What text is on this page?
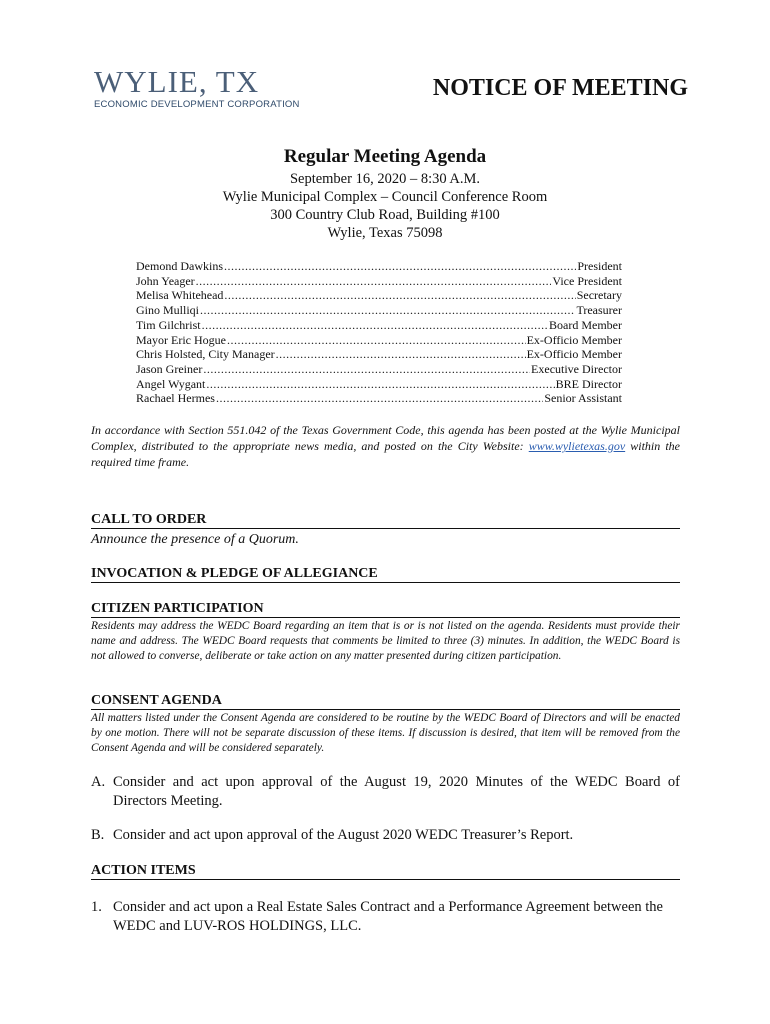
WYLIE, TX
ECONOMIC DEVELOPMENT CORPORATION
NOTICE OF MEETING
Regular Meeting Agenda
September 16, 2020 – 8:30 A.M.
Wylie Municipal Complex – Council Conference Room
300 Country Club Road, Building #100
Wylie, Texas 75098
Demond Dawkins .....	President
John Yeager .....	Vice President
Melisa Whitehead .....	Secretary
Gino Mulliqi .....	Treasurer
Tim Gilchrist .....	Board Member
Mayor Eric Hogue .....	Ex-Officio Member
Chris Holsted, City Manager .....	Ex-Officio Member
Jason Greiner .....	Executive Director
Angel Wygant .....	BRE Director
Rachael Hermes .....	Senior Assistant
In accordance with Section 551.042 of the Texas Government Code, this agenda has been posted at the Wylie Municipal Complex, distributed to the appropriate news media, and posted on the City Website: www.wylietexas.gov within the required time frame.
CALL TO ORDER
Announce the presence of a Quorum.
INVOCATION & PLEDGE OF ALLEGIANCE
CITIZEN PARTICIPATION
Residents may address the WEDC Board regarding an item that is or is not listed on the agenda. Residents must provide their name and address. The WEDC Board requests that comments be limited to three (3) minutes. In addition, the WEDC Board is not allowed to converse, deliberate or take action on any matter presented during citizen participation.
CONSENT AGENDA
All matters listed under the Consent Agenda are considered to be routine by the WEDC Board of Directors and will be enacted by one motion. There will not be separate discussion of these items. If discussion is desired, that item will be removed from the Consent Agenda and will be considered separately.
A. Consider and act upon approval of the August 19, 2020 Minutes of the WEDC Board of Directors Meeting.
B. Consider and act upon approval of the August 2020 WEDC Treasurer’s Report.
ACTION ITEMS
1. Consider and act upon a Real Estate Sales Contract and a Performance Agreement between the WEDC and LUV-ROS HOLDINGS, LLC.
